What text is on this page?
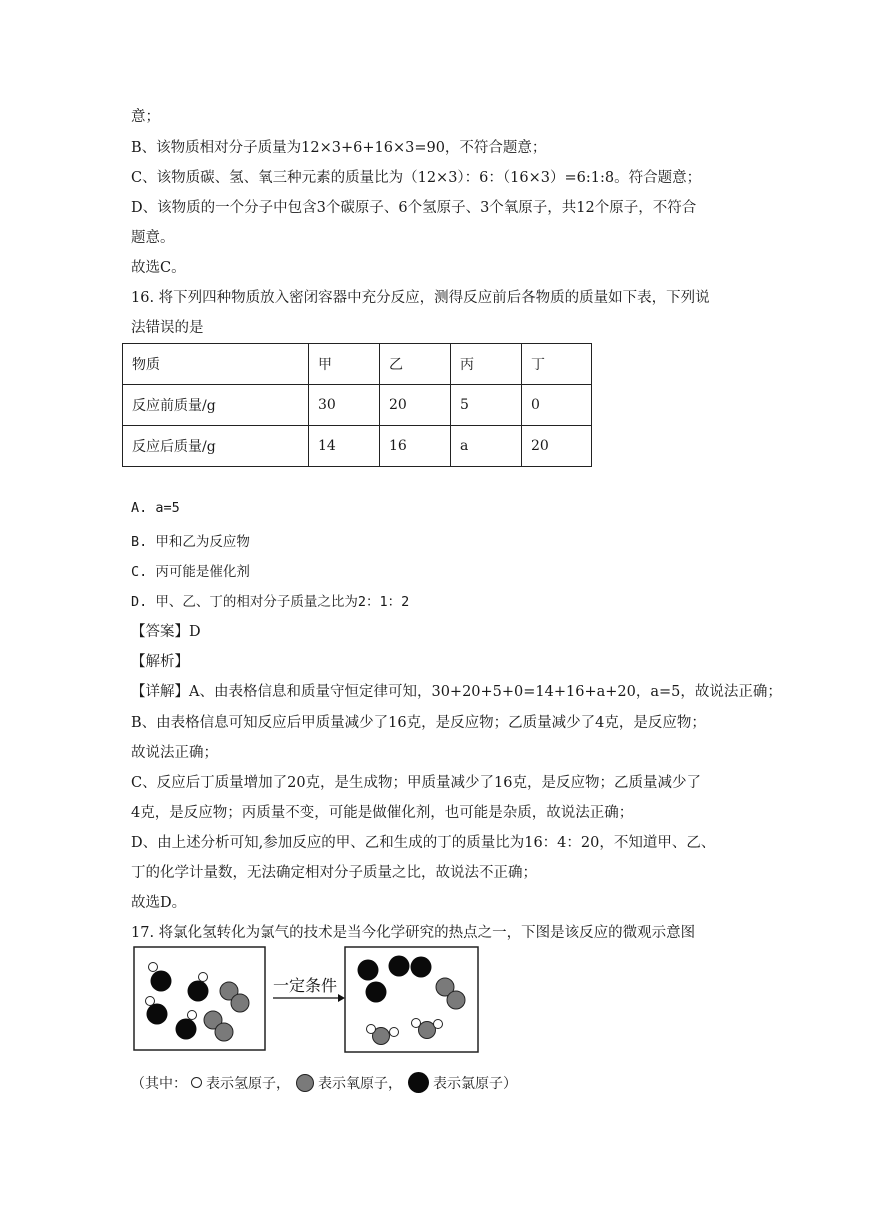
意；
B、该物质相对分子质量为12×3+6+16×3=90，不符合题意；
C、该物质碳、氢、氧三种元素的质量比为（12×3）：6：（16×3）=6:1:8。符合题意；
D、该物质的一个分子中包含3个碳原子、6个氢原子、3个氧原子，共12个原子，不符合
题意。
故选C。
16. 将下列四种物质放入密闭容器中充分反应，测得反应前后各物质的质量如下表，下列说
法错误的是
物质	甲	乙	丙	丁
反应前质量/g	30	20	5	0
反应后质量/g	14	16	a	20
A. a=5
B. 甲和乙为反应物
C. 丙可能是催化剂
D. 甲、乙、丁的相对分子质量之比为2：1：2
【答案】D
【解析】
【详解】A、由表格信息和质量守恒定律可知，30+20+5+0=14+16+a+20，a=5，故说法正确；
B、由表格信息可知反应后甲质量减少了16克，是反应物；乙质量减少了4克，是反应物；
故说法正确；
C、反应后丁质量增加了20克，是生成物；甲质量减少了16克，是反应物；乙质量减少了
4克，是反应物；丙质量不变，可能是做催化剂，也可能是杂质，故说法正确；
D、由上述分析可知,参加反应的甲、乙和生成的丁的质量比为16：4：20，不知道甲、乙、
丁的化学计量数，无法确定相对分子质量之比，故说法不正确；
故选D。
17. 将氯化氢转化为氯气的技术是当今化学研究的热点之一，下图是该反应的微观示意图
一定条件
（其中： 表示氢原子， 表示氧原子， 表示氯原子）
